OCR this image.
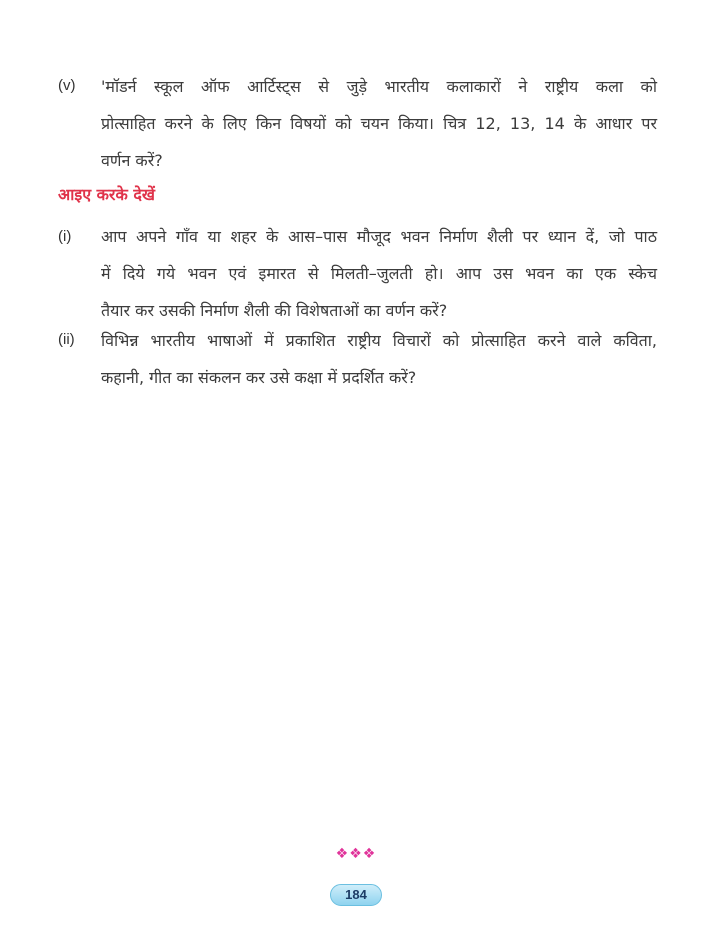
(v) 'मॉडर्न स्कूल ऑफ आर्टिस्ट्स से जुड़े भारतीय कलाकारों ने राष्ट्रीय कला को
प्रोत्साहित करने के लिए किन विषयों को चयन किया। चित्र 12, 13, 14 के आधार पर
वर्णन करें?
आइए करके देखें
(i) आप अपने गाँव या शहर के आस–पास मौजूद भवन निर्माण शैली पर ध्यान दें, जो पाठ
में दिये गये भवन एवं इमारत से मिलती–जुलती हो। आप उस भवन का एक स्केच
तैयार कर उसकी निर्माण शैली की विशेषताओं का वर्णन करें?
(ii) विभिन्न भारतीय भाषाओं में प्रकाशित राष्ट्रीय विचारों को प्रोत्साहित करने वाले कविता,
कहानी, गीत का संकलन कर उसे कक्षा में प्रदर्शित करें?
❖❖❖
184
